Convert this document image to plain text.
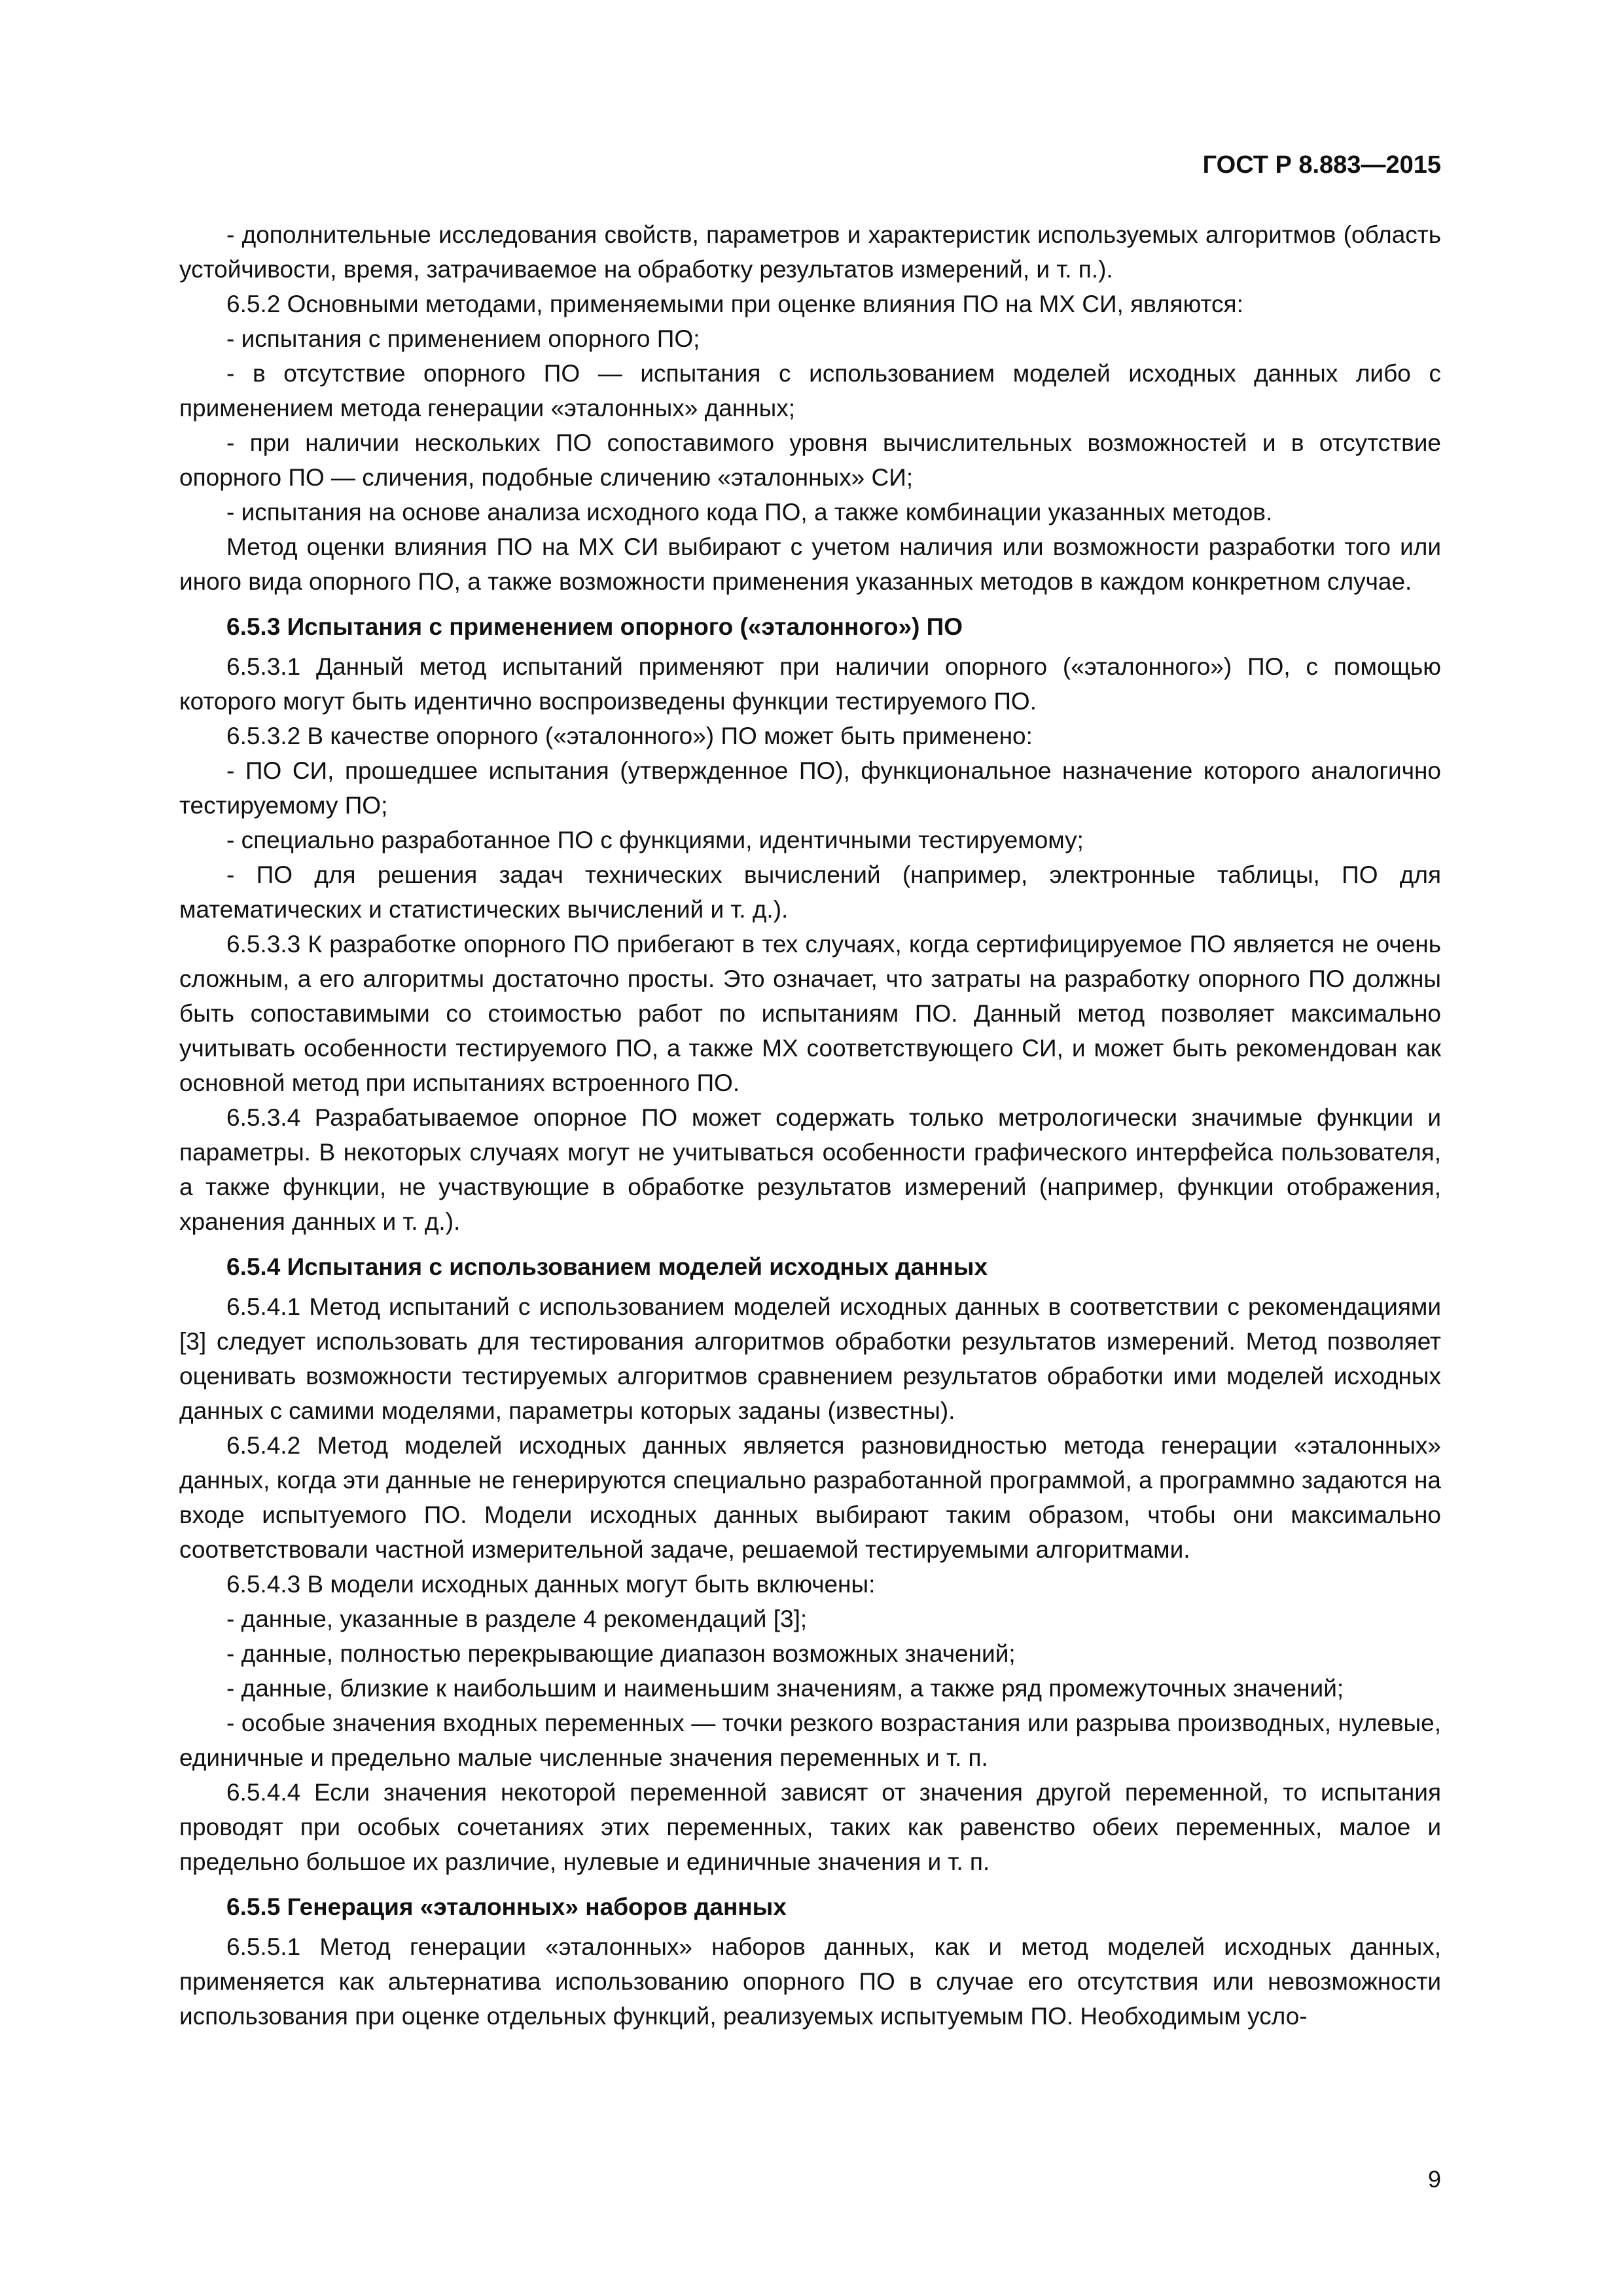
ГОСТ Р 8.883—2015

- дополнительные исследования свойств, параметров и характеристик используемых алгоритмов (область устойчивости, время, затрачиваемое на обработку результатов измерений, и т. п.).

6.5.2 Основными методами, применяемыми при оценке влияния ПО на МХ СИ, являются:

- испытания с применением опорного ПО;

- в отсутствие опорного ПО — испытания с использованием моделей исходных данных либо с применением метода генерации «эталонных» данных;

- при наличии нескольких ПО сопоставимого уровня вычислительных возможностей и в отсутствие опорного ПО — сличения, подобные сличению «эталонных» СИ;

- испытания на основе анализа исходного кода ПО, а также комбинации указанных методов.

Метод оценки влияния ПО на МХ СИ выбирают с учетом наличия или возможности разработки того или иного вида опорного ПО, а также возможности применения указанных методов в каждом конкретном случае.

6.5.3 Испытания с применением опорного («эталонного») ПО

6.5.3.1 Данный метод испытаний применяют при наличии опорного («эталонного») ПО, с помощью которого могут быть идентично воспроизведены функции тестируемого ПО.

6.5.3.2 В качестве опорного («эталонного») ПО может быть применено:

- ПО СИ, прошедшее испытания (утвержденное ПО), функциональное назначение которого аналогично тестируемому ПО;

- специально разработанное ПО с функциями, идентичными тестируемому;

- ПО для решения задач технических вычислений (например, электронные таблицы, ПО для математических и статистических вычислений и т. д.).

6.5.3.3 К разработке опорного ПО прибегают в тех случаях, когда сертифицируемое ПО является не очень сложным, а его алгоритмы достаточно просты. Это означает, что затраты на разработку опорного ПО должны быть сопоставимыми со стоимостью работ по испытаниям ПО. Данный метод позволяет максимально учитывать особенности тестируемого ПО, а также МХ соответствующего СИ, и может быть рекомендован как основной метод при испытаниях встроенного ПО.

6.5.3.4 Разрабатываемое опорное ПО может содержать только метрологически значимые функции и параметры. В некоторых случаях могут не учитываться особенности графического интерфейса пользователя, а также функции, не участвующие в обработке результатов измерений (например, функции отображения, хранения данных и т. д.).

6.5.4 Испытания с использованием моделей исходных данных

6.5.4.1 Метод испытаний с использованием моделей исходных данных в соответствии с рекомендациями [3] следует использовать для тестирования алгоритмов обработки результатов измерений. Метод позволяет оценивать возможности тестируемых алгоритмов сравнением результатов обработки ими моделей исходных данных с самими моделями, параметры которых заданы (известны).

6.5.4.2 Метод моделей исходных данных является разновидностью метода генерации «эталонных» данных, когда эти данные не генерируются специально разработанной программой, а программно задаются на входе испытуемого ПО. Модели исходных данных выбирают таким образом, чтобы они максимально соответствовали частной измерительной задаче, решаемой тестируемыми алгоритмами.

6.5.4.3 В модели исходных данных могут быть включены:

- данные, указанные в разделе 4 рекомендаций [3];

- данные, полностью перекрывающие диапазон возможных значений;

- данные, близкие к наибольшим и наименьшим значениям, а также ряд промежуточных значений;

- особые значения входных переменных — точки резкого возрастания или разрыва производных, нулевые, единичные и предельно малые численные значения переменных и т. п.

6.5.4.4 Если значения некоторой переменной зависят от значения другой переменной, то испытания проводят при особых сочетаниях этих переменных, таких как равенство обеих переменных, малое и предельно большое их различие, нулевые и единичные значения и т. п.

6.5.5 Генерация «эталонных» наборов данных

6.5.5.1 Метод генерации «эталонных» наборов данных, как и метод моделей исходных данных, применяется как альтернатива использованию опорного ПО в случае его отсутствия или невозможности использования при оценке отдельных функций, реализуемых испытуемым ПО. Необходимым усло-

9
